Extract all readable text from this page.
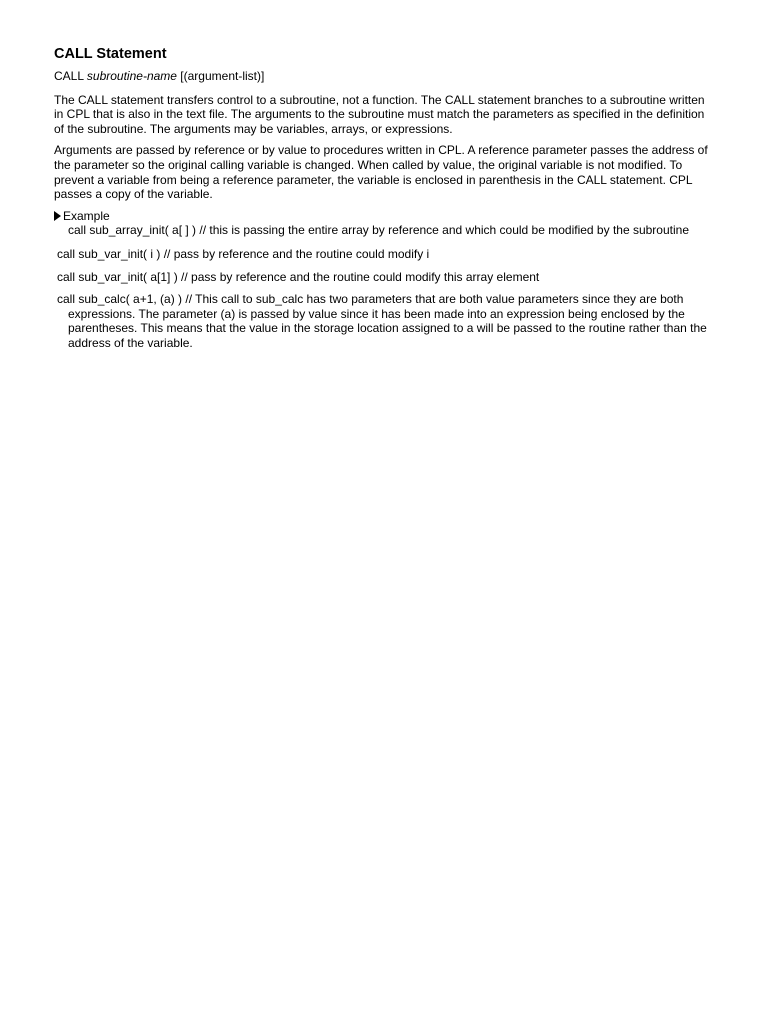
CALL Statement

CALL subroutine-name [(argument-list)]

The CALL statement transfers control to a subroutine, not a function. The CALL statement branches to a subroutine written in CPL that is also in the text file. The arguments to the subroutine must match the parameters as specified in the definition of the subroutine. The arguments may be variables, arrays, or expressions.

Arguments are passed by reference or by value to procedures written in CPL. A reference parameter passes the address of the parameter so the original calling variable is changed. When called by value, the original variable is not modified. To prevent a variable from being a reference parameter, the variable is enclosed in parenthesis in the CALL statement. CPL passes a copy of the variable.

Example

call sub_array_init( a[ ] ) // this is passing the entire array by reference and which could be modified by the subroutine

call sub_var_init( i ) // pass by reference and the routine could modify i

call sub_var_init( a[1] ) // pass by reference and the routine could modify this array element

call sub_calc( a+1, (a) ) // This call to sub_calc has two parameters that are both value parameters since they are both expressions. The parameter (a) is passed by value since it has been made into an expression being enclosed by the parentheses. This means that the value in the storage location assigned to a will be passed to the routine rather than the address of the variable.
